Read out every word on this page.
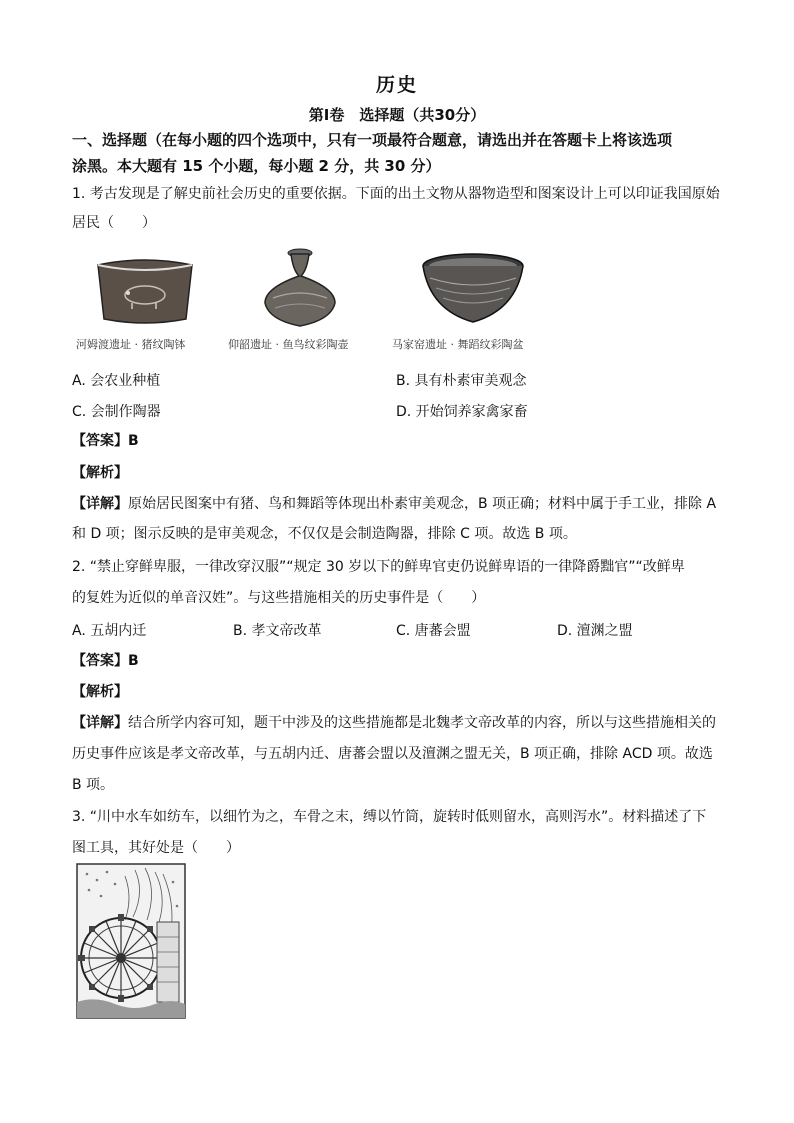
历史
第Ⅰ卷　选择题（共30分）
一、选择题（在每小题的四个选项中，只有一项最符合题意，请选出并在答题卡上将该选项
涂黑。本大题有 15 个小题，每小题 2 分，共 30 分）
1. 考古发现是了解史前社会历史的重要依据。下面的出土文物从器物造型和图案设计上可以印证我国原始
居民（　　）
河姆渡遗址 · 猪纹陶钵	仰韶遗址 · 鱼鸟纹彩陶壶	马家窑遗址 · 舞蹈纹彩陶盆
A. 会农业种植	B. 具有朴素审美观念
C. 会制作陶器	D. 开始饲养家禽家畜
【答案】B
【解析】
【详解】原始居民图案中有猪、鸟和舞蹈等体现出朴素审美观念，B 项正确；材料中属于手工业，排除 A
和 D 项；图示反映的是审美观念，不仅仅是会制造陶器，排除 C 项。故选 B 项。
2. “禁止穿鲜卑服，一律改穿汉服”“规定 30 岁以下的鲜卑官吏仍说鲜卑语的一律降爵黜官”“改鲜卑
的复姓为近似的单音汉姓”。与这些措施相关的历史事件是（　　）
A. 五胡内迁	B. 孝文帝改革	C. 唐蕃会盟	D. 澶渊之盟
【答案】B
【解析】
【详解】结合所学内容可知，题干中涉及的这些措施都是北魏孝文帝改革的内容，所以与这些措施相关的
历史事件应该是孝文帝改革，与五胡内迁、唐蕃会盟以及澶渊之盟无关，B 项正确，排除 ACD 项。故选
B 项。
3. “川中水车如纺车，以细竹为之，车骨之末，缚以竹筒，旋转时低则留水，高则泻水”。材料描述了下
图工具，其好处是（　　）
